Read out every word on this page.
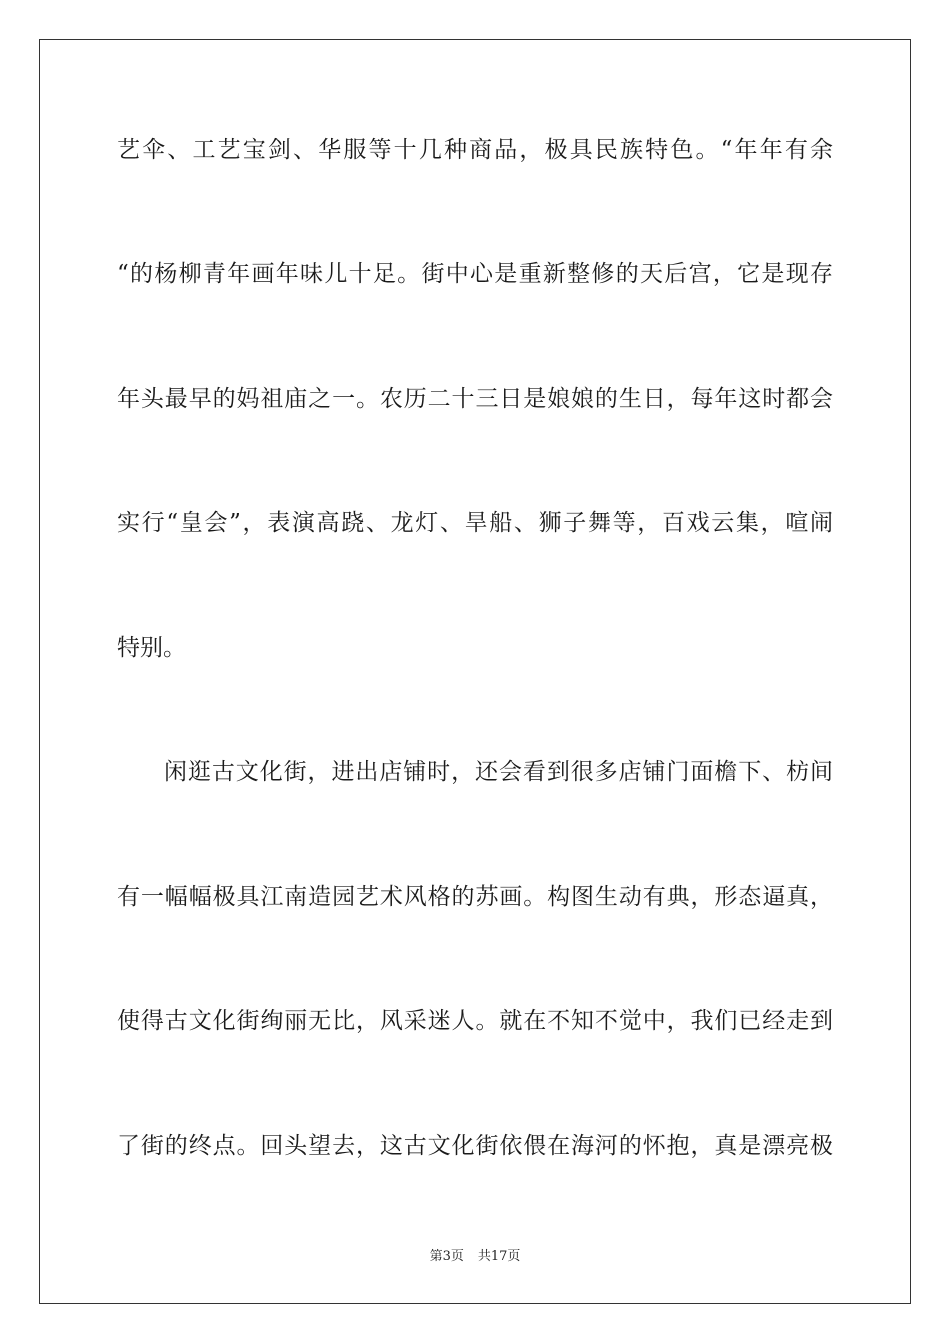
艺伞、工艺宝剑、华服等十几种商品，极具民族特色。“年年有余
“的杨柳青年画年味儿十足。街中心是重新整修的天后宫，它是现存
年头最早的妈祖庙之一。农历二十三日是娘娘的生日，每年这时都会
实行“皇会”，表演高跷、龙灯、旱船、狮子舞等，百戏云集，喧闹
特别。
闲逛古文化街，进出店铺时，还会看到很多店铺门面檐下、枋间
有一幅幅极具江南造园艺术风格的苏画。构图生动有典，形态逼真，
使得古文化街绚丽无比，风采迷人。就在不知不觉中，我们已经走到
了街的终点。回头望去，这古文化街依偎在海河的怀抱，真是漂亮极
第3页 共17页
